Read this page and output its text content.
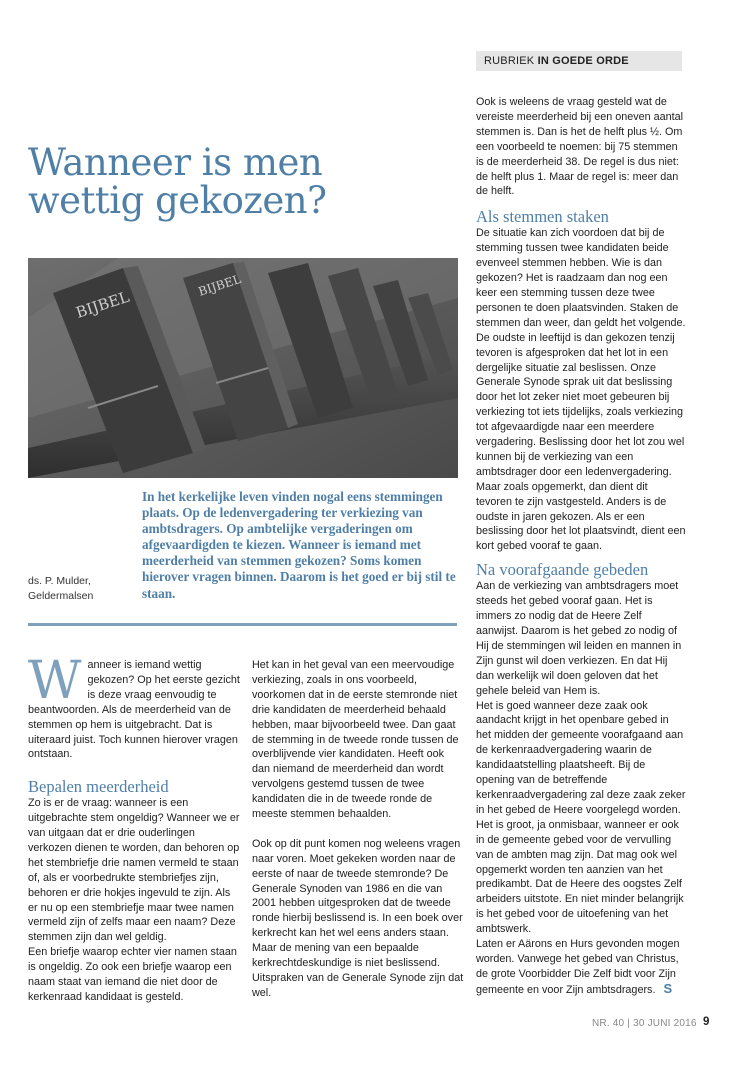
RUBRIEK IN GOEDE ORDE
Wanneer is men wettig gekozen?
BIJBEL
BIJBEL

In het kerkelijke leven vinden nogal eens stemmingen plaats. Op de ledenvergadering ter verkiezing van ambtsdragers. Op ambtelijke vergaderingen om afgevaardigden te kiezen. Wanneer is iemand met meerderheid van stemmen gekozen? Soms komen hierover vragen binnen. Daarom is het goed er bij stil te staan.

ds. P. Mulder,
Geldermalsen

Wanneer is iemand wettig gekozen? Op het eerste gezicht is deze vraag eenvoudig te beantwoorden. Als de meerderheid van de stemmen op hem is uitgebracht. Dat is uiteraard juist. Toch kunnen hierover vragen ontstaan.

Bepalen meerderheid

Zo is er de vraag: wanneer is een uitgebrachte stem ongeldig? Wanneer we er van uitgaan dat er drie ouderlingen verkozen dienen te worden, dan behoren op het stembriefje drie namen vermeld te staan of, als er voorbedrukte stembriefjes zijn, behoren er drie hokjes ingevuld te zijn. Als er nu op een stembriefje maar twee namen vermeld zijn of zelfs maar een naam? Deze stemmen zijn dan wel geldig.

Een briefje waarop echter vier namen staan is ongeldig. Zo ook een briefje waarop een naam staat van iemand die niet door de kerkenraad kandidaat is gesteld.

Het kan in het geval van een meervoudige verkiezing, zoals in ons voorbeeld, voorkomen dat in de eerste stemronde niet drie kandidaten de meerderheid behaald hebben, maar bijvoorbeeld twee. Dan gaat de stemming in de tweede ronde tussen de overblijvende vier kandidaten. Heeft ook dan niemand de meerderheid dan wordt vervolgens gestemd tussen de twee kandidaten die in de tweede ronde de meeste stemmen behaalden.

Ook op dit punt komen nog weleens vragen naar voren. Moet gekeken worden naar de eerste of naar de tweede stemronde? De Generale Synoden van 1986 en die van 2001 hebben uitgesproken dat de tweede ronde hierbij beslissend is. In een boek over kerkrecht kan het wel eens anders staan. Maar de mening van een bepaalde kerkrechtdeskundige is niet beslissend. Uitspraken van de Generale Synode zijn dat wel.

Ook is weleens de vraag gesteld wat de vereiste meerderheid bij een oneven aantal stemmen is. Dan is het de helft plus ½. Om een voorbeeld te noemen: bij 75 stemmen is de meerderheid 38. De regel is dus niet: de helft plus 1. Maar de regel is: meer dan de helft.

Als stemmen staken

De situatie kan zich voordoen dat bij de stemming tussen twee kandidaten beide evenveel stemmen hebben. Wie is dan gekozen? Het is raadzaam dan nog een keer een stemming tussen deze twee personen te doen plaatsvinden. Staken de stemmen dan weer, dan geldt het volgende.

De oudste in leeftijd is dan gekozen tenzij tevoren is afgesproken dat het lot in een dergelijke situatie zal beslissen. Onze Generale Synode sprak uit dat beslissing door het lot zeker niet moet gebeuren bij verkiezing tot iets tijdelijks, zoals verkiezing tot afgevaardigde naar een meerdere vergadering. Beslissing door het lot zou wel kunnen bij de verkiezing van een ambtsdrager door een ledenvergadering. Maar zoals opgemerkt, dan dient dit tevoren te zijn vastgesteld. Anders is de oudste in jaren gekozen. Als er een beslissing door het lot plaatsvindt, dient een kort gebed vooraf te gaan.

Na voorafgaande gebeden

Aan de verkiezing van ambtsdragers moet steeds het gebed vooraf gaan. Het is immers zo nodig dat de Heere Zelf aanwijst. Daarom is het gebed zo nodig of Hij de stemmingen wil leiden en mannen in Zijn gunst wil doen verkiezen. En dat Hij dan werkelijk wil doen geloven dat het gehele beleid van Hem is.

Het is goed wanneer deze zaak ook aandacht krijgt in het openbare gebed in het midden der gemeente voorafgaand aan de kerkenraadvergadering waarin de kandidaatstelling plaatsheeft. Bij de opening van de betreffende kerkenraadvergadering zal deze zaak zeker in het gebed de Heere voorgelegd worden.

Het is groot, ja onmisbaar, wanneer er ook in de gemeente gebed voor de vervulling van de ambten mag zijn. Dat mag ook wel opgemerkt worden ten aanzien van het predikambt. Dat de Heere des oogstes Zelf arbeiders uitstote. En niet minder belangrijk is het gebed voor de uitoefening van het ambtswerk.

Laten er Aärons en Hurs gevonden mogen worden. Vanwege het gebed van Christus, de grote Voorbidder Die Zelf bidt voor Zijn gemeente en voor Zijn ambtsdragers. S

NR. 40 | 30 JUNI 2016 9
